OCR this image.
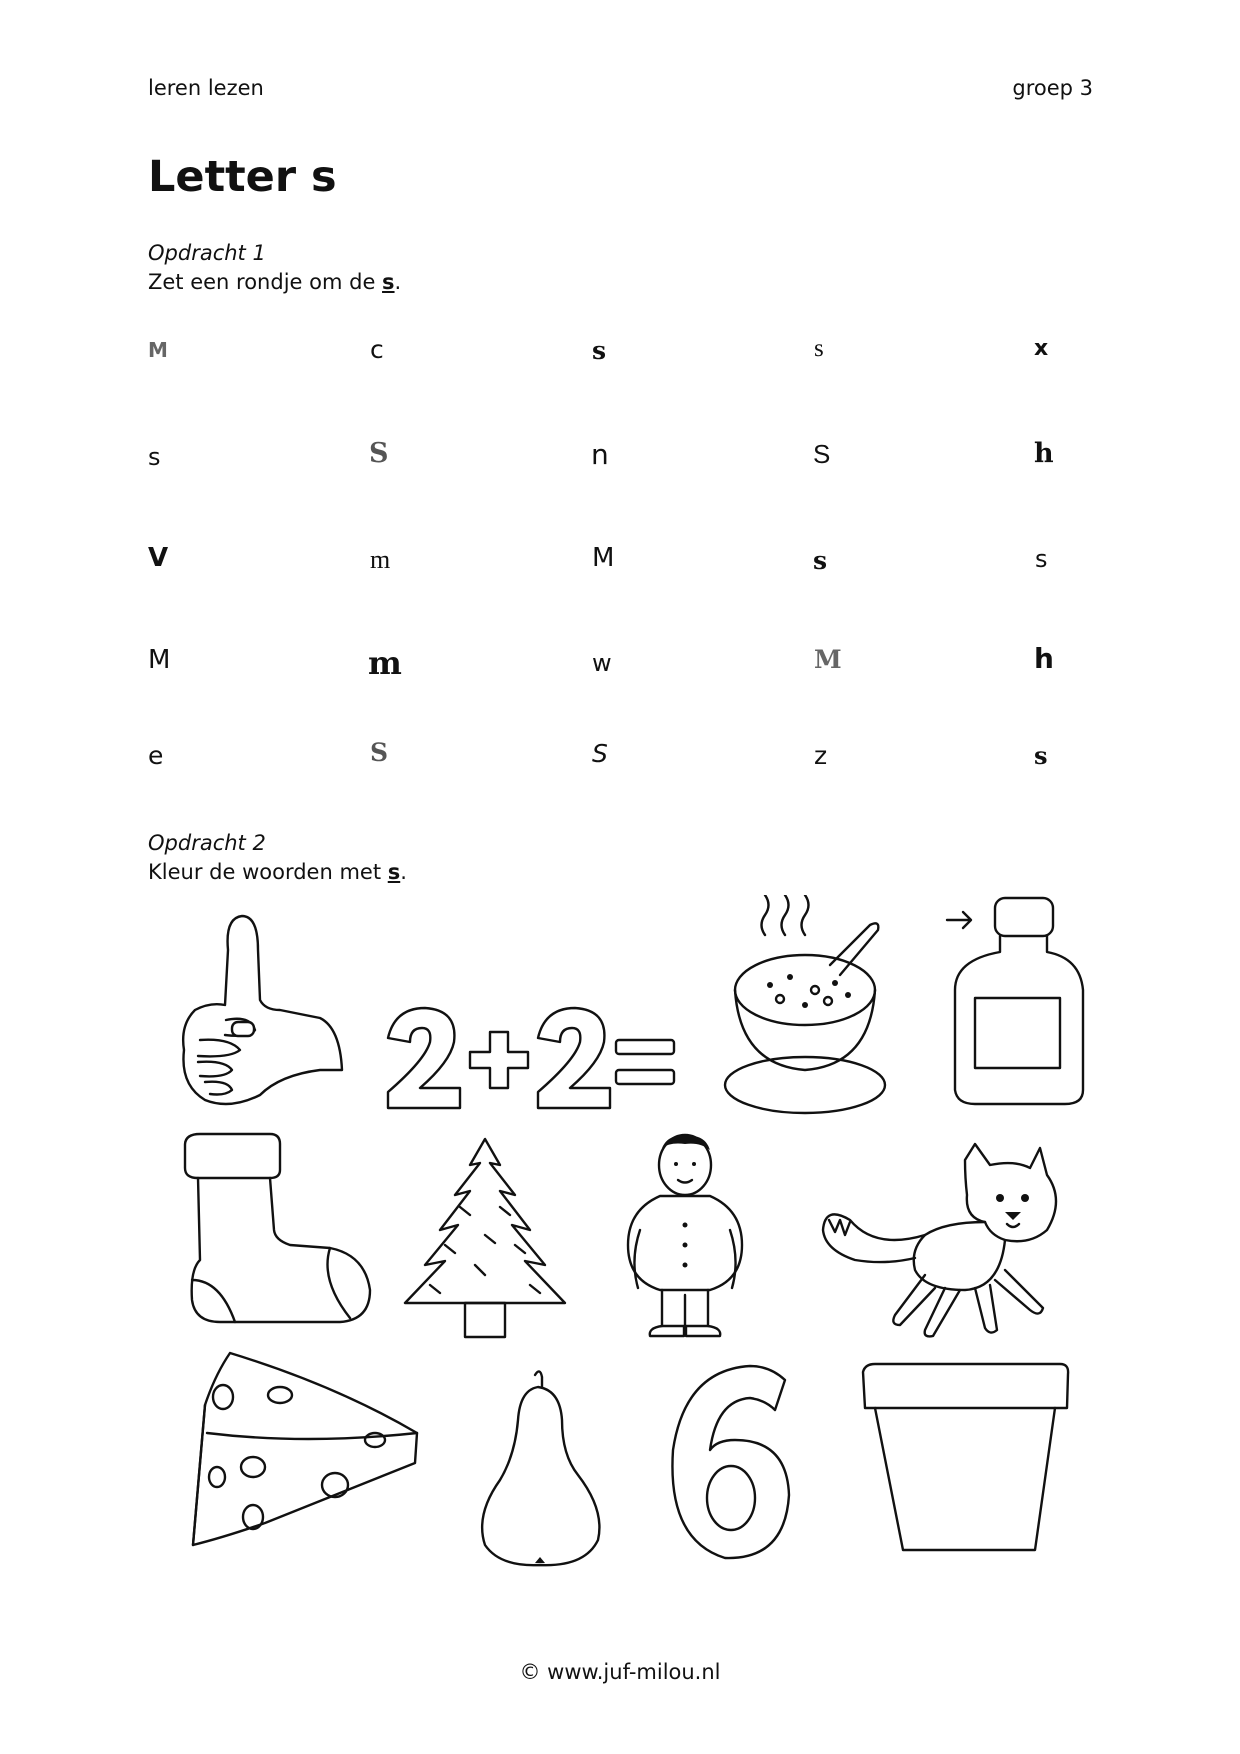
leren lezen	groep 3
Letter s
Opdracht 1
Zet een rondje om de s.
M	c	s	s	x
s	S	n	S	h
V	m	M	s	s
M	m	w	M	h
e	S	S	z	s
Opdracht 2
Kleur de woorden met s.
© www.juf-milou.nl
